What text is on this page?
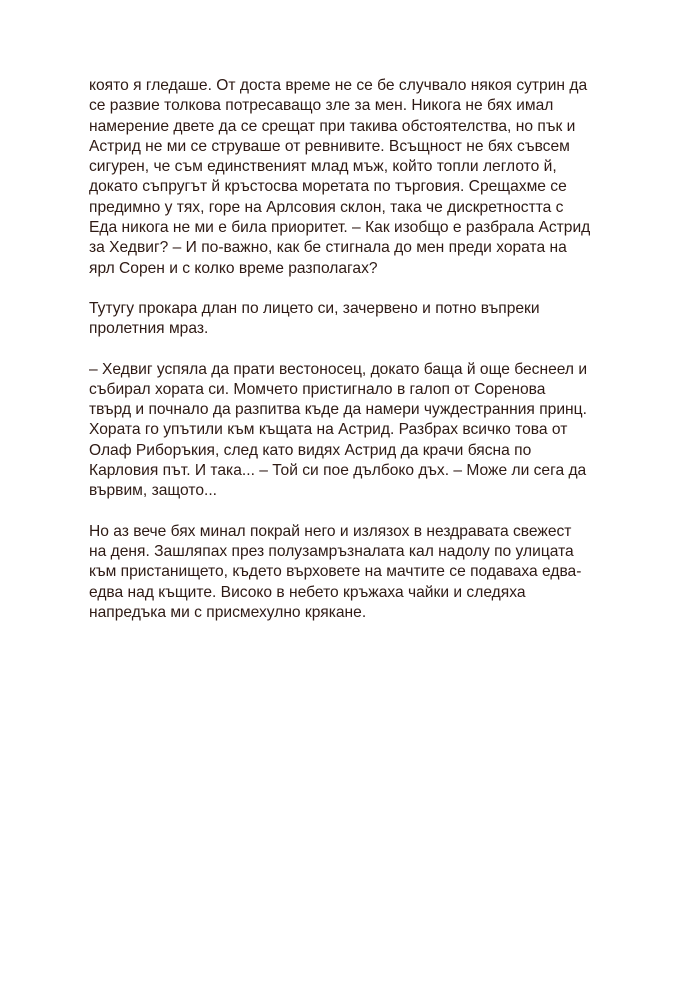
която я гледаше. От доста време не се бе случвало някоя сутрин да
се развие толкова потресаващо зле за мен. Никога не бях имал
намерение двете да се срещат при такива обстоятелства, но пък и
Астрид не ми се струваше от ревнивите. Всъщност не бях съвсем
сигурен, че съм единственият млад мъж, който топли леглото й,
докато съпругът й кръстосва моретата по търговия. Срещахме се
предимно у тях, горе на Арлсовия склон, така че дискретността с
Еда никога не ми е била приоритет. – Как изобщо е разбрала Астрид
за Хедвиг? – И по-важно, как бе стигнала до мен преди хората на
ярл Сорен и с колко време разполагах?

Тутугу прокара длан по лицето си, зачервено и потно въпреки
пролетния мраз.

– Хедвиг успяла да прати вестоносец, докато баща й още беснеел и
събирал хората си. Момчето пристигнало в галоп от Соренова
твърд и почнало да разпитва къде да намери чуждестранния принц.
Хората го упътили към къщата на Астрид. Разбрах всичко това от
Олаф Риборъкия, след като видях Астрид да крачи бясна по
Карловия път. И така... – Той си пое дълбоко дъх. – Може ли сега да
вървим, защото...

Но аз вече бях минал покрай него и излязох в нездравата свежест
на деня. Зашляпах през полузамръзналата кал надолу по улицата
към пристанището, където върховете на мачтите се подаваха едва-
едва над къщите. Високо в небето кръжаха чайки и следяха
напредъка ми с присмехулно крякане.
